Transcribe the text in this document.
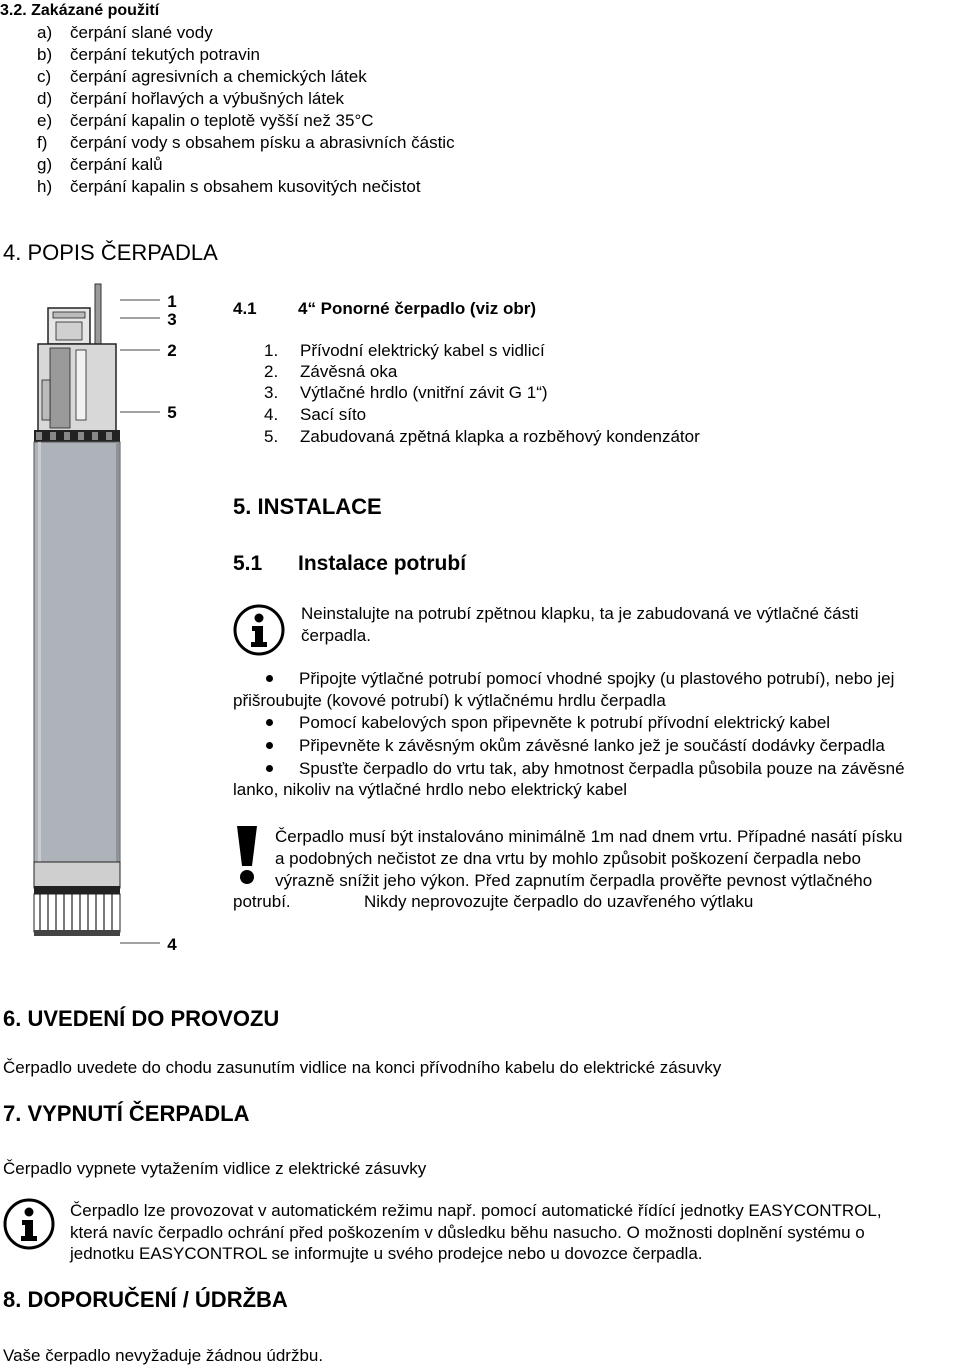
3.2. Zakázané použití
a) čerpání slané vody
b) čerpání tekutých potravin
c) čerpání agresivních a chemických látek
d) čerpání hořlavých a výbušných látek
e) čerpání kapalin o teplotě vyšší než 35°C
f) čerpání vody s obsahem písku a abrasivních částic
g) čerpání kalů
h) čerpání kapalin s obsahem kusovitých nečistot
4. POPIS ČERPADLA
1
3
2
5
4
4.1 4“ Ponorné čerpadlo (viz obr)
1. Přívodní elektrický kabel s vidlicí
2. Závěsná oka
3. Výtlačné hrdlo (vnitřní závit G 1“)
4. Sací síto
5. Zabudovaná zpětná klapka a rozběhový kondenzátor
5. INSTALACE
5.1 Instalace potrubí
Neinstalujte na potrubí zpětnou klapku, ta je zabudovaná ve výtlačné části
čerpadla.
Připojte výtlačné potrubí pomocí vhodné spojky (u plastového potrubí), nebo jej
přišroubujte (kovové potrubí) k výtlačnému hrdlu čerpadla
Pomocí kabelových spon připevněte k potrubí přívodní elektrický kabel
Připevněte k závěsným okům závěsné lanko jež je součástí dodávky čerpadla
Spusťte čerpadlo do vrtu tak, aby hmotnost čerpadla působila pouze na závěsné
lanko, nikoliv na výtlačné hrdlo nebo elektrický kabel
Čerpadlo musí být instalováno minimálně 1m nad dnem vrtu. Případné nasátí písku
a podobných nečistot ze dna vrtu by mohlo způsobit poškození čerpadla nebo
výrazně snížit jeho výkon. Před zapnutím čerpadla prověřte pevnost výtlačného
potrubí.	Nikdy neprovozujte čerpadlo do uzavřeného výtlaku
6. UVEDENÍ DO PROVOZU
Čerpadlo uvedete do chodu zasunutím vidlice na konci přívodního kabelu do elektrické zásuvky
7. VYPNUTÍ ČERPADLA
Čerpadlo vypnete vytažením vidlice z elektrické zásuvky
Čerpadlo lze provozovat v automatickém režimu např. pomocí automatické řídící jednotky EASYCONTROL,
která navíc čerpadlo ochrání před poškozením v důsledku běhu nasucho. O možnosti doplnění systému o
jednotku EASYCONTROL se informujte u svého prodejce nebo u dovozce čerpadla.
8. DOPORUČENÍ / ÚDRŽBA
Vaše čerpadlo nevyžaduje žádnou údržbu.
